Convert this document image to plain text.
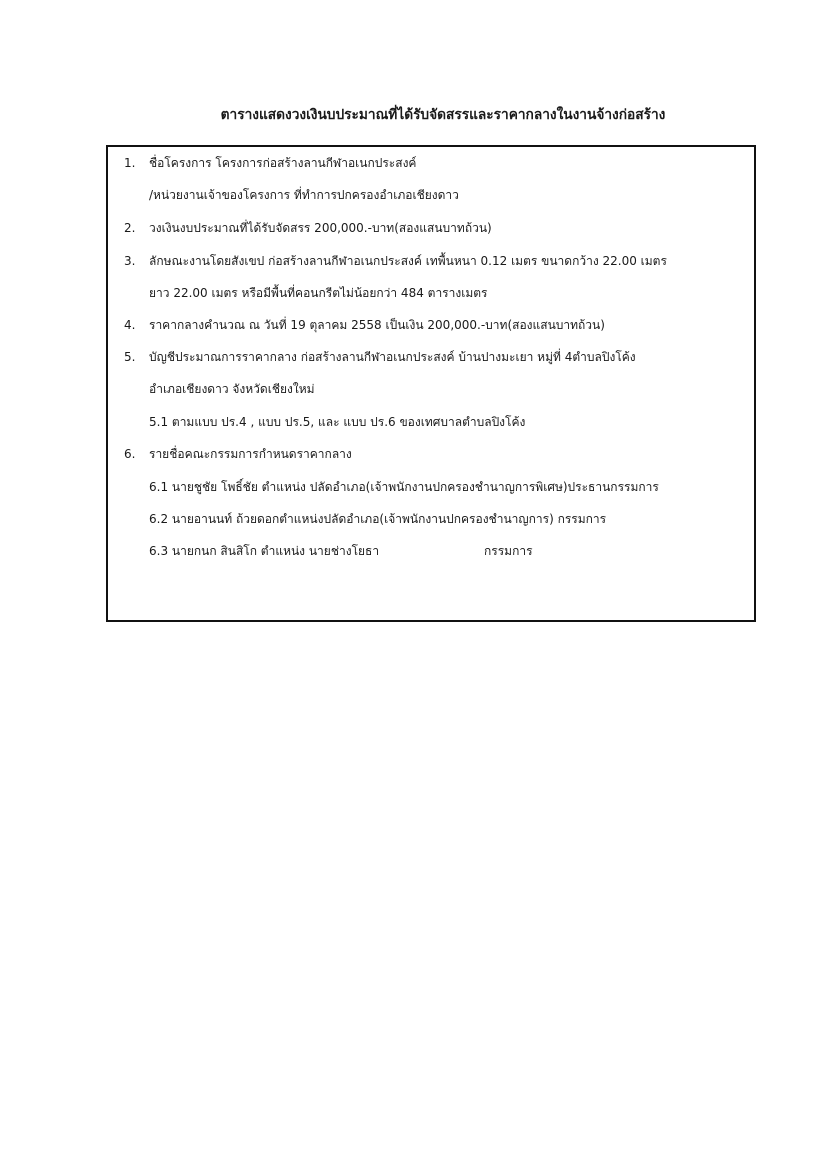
ตารางแสดงวงเงินบประมาณที่ได้รับจัดสรรและราคากลางในงานจ้างก่อสร้าง
1. ชื่อโครงการ โครงการก่อสร้างลานกีฬาอเนกประสงค์
/หน่วยงานเจ้าของโครงการ ที่ทำการปกครองอำเภอเชียงดาว
2. วงเงินงบประมาณที่ได้รับจัดสรร 200,000.-บาท(สองแสนบาทถ้วน)
3. ลักษณะงานโดยสังเขป ก่อสร้างลานกีฬาอเนกประสงค์ เทพื้นหนา 0.12 เมตร ขนาดกว้าง 22.00 เมตร
ยาว 22.00 เมตร หรือมีพื้นที่คอนกรีตไม่น้อยกว่า 484 ตารางเมตร
4. ราคากลางคำนวณ ณ วันที่ 19 ตุลาคม 2558 เป็นเงิน 200,000.-บาท(สองแสนบาทถ้วน)
5. บัญชีประมาณการราคากลาง ก่อสร้างลานกีฬาอเนกประสงค์ บ้านปางมะเยา หมู่ที่ 4ตำบลปิงโค้ง
อำเภอเชียงดาว จังหวัดเชียงใหม่
5.1 ตามแบบ ปร.4 , แบบ ปร.5, และ แบบ ปร.6 ของเทศบาลตำบลปิงโค้ง
6. รายชื่อคณะกรรมการกำหนดราคากลาง
6.1 นายชูชัย โพธิ์ชัย ตำแหน่ง ปลัดอำเภอ(เจ้าพนักงานปกครองชำนาญการพิเศษ)ประธานกรรมการ
6.2 นายอานนท์ ถ้วยดอกตำแหน่งปลัดอำเภอ(เจ้าพนักงานปกครองชำนาญการ) กรรมการ
6.3 นายกนก สินสิโก ตำแหน่ง นายช่างโยธา	กรรมการ
